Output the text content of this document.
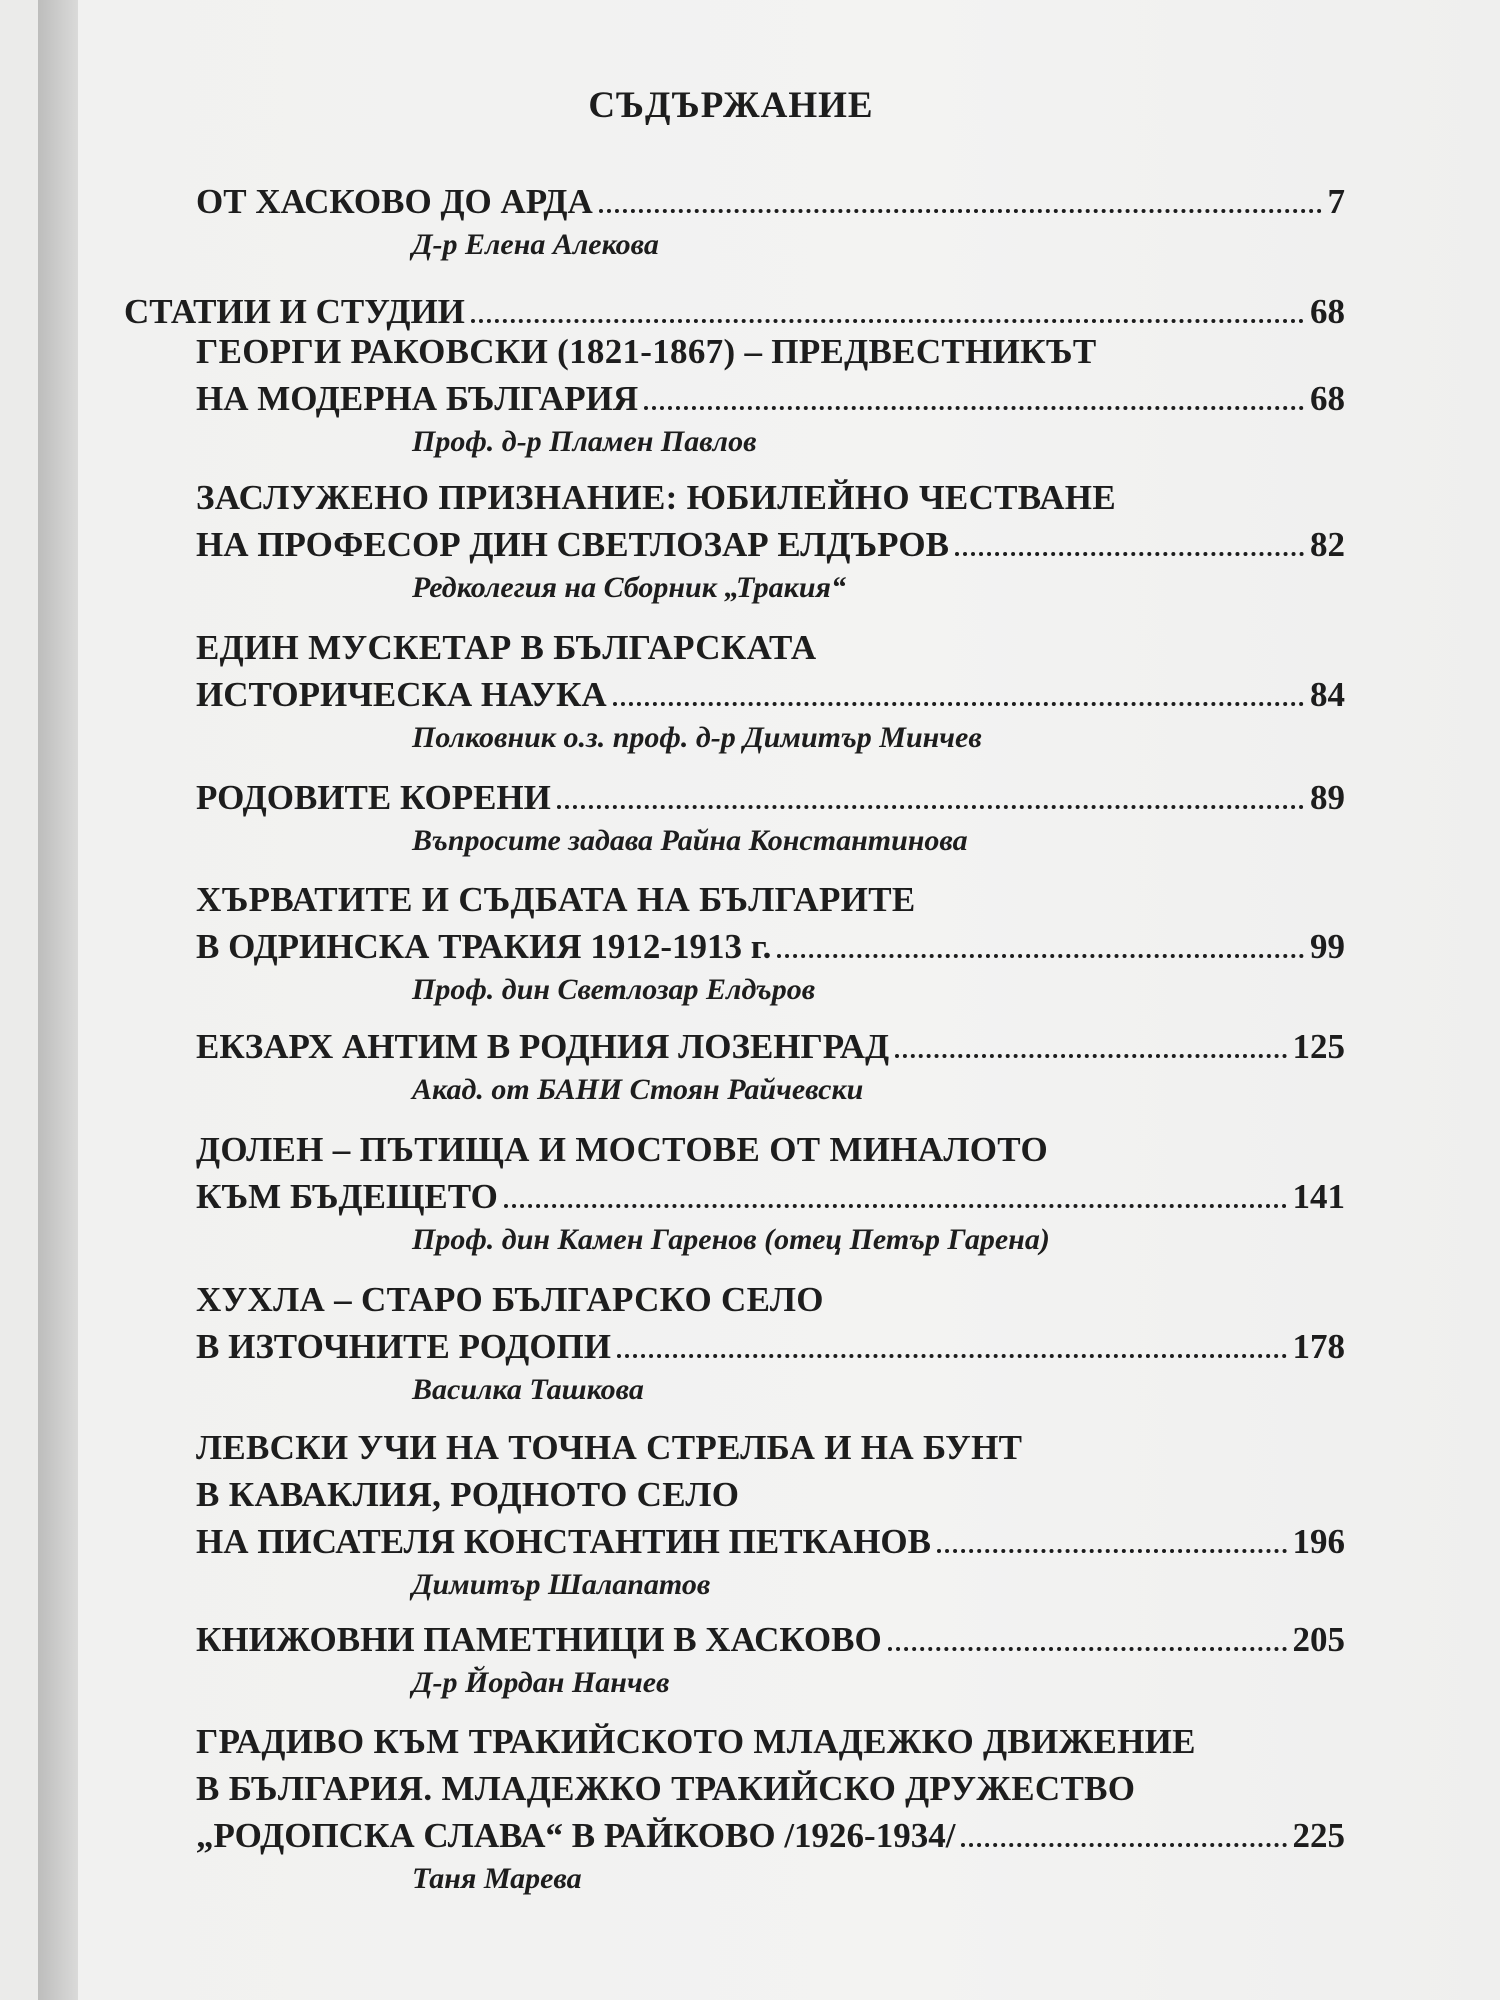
СЪДЪРЖАНИЕ
ОТ ХАСКОВО ДО АРДА	7
Д-р Елена Алекова
СТАТИИ И СТУДИИ	68
ГЕОРГИ РАКОВСКИ (1821-1867) – ПРЕДВЕСТНИКЪТ
НА МОДЕРНА БЪЛГАРИЯ	68
Проф. д-р Пламен Павлов
ЗАСЛУЖЕНО ПРИЗНАНИЕ: ЮБИЛЕЙНО ЧЕСТВАНЕ
НА ПРОФЕСОР ДИН СВЕТЛОЗАР ЕЛДЪРОВ	82
Редколегия на Сборник „Тракия“
ЕДИН МУСКЕТАР В БЪЛГАРСКАТА
ИСТОРИЧЕСКА НАУКА	84
Полковник о.з. проф. д-р Димитър Минчев
РОДОВИТЕ КОРЕНИ	89
Въпросите задава Райна Константинова
ХЪРВАТИТЕ И СЪДБАТА НА БЪЛГАРИТЕ
В ОДРИНСКА ТРАКИЯ 1912-1913 г.	99
Проф. дин Светлозар Елдъров
ЕКЗАРХ АНТИМ В РОДНИЯ ЛОЗЕНГРАД	125
Акад. от БАНИ Стоян Райчевски
ДОЛЕН – ПЪТИЩА И МОСТОВЕ ОТ МИНАЛОТО
КЪМ БЪДЕЩЕТО	141
Проф. дин Камен Гаренов (отец Петър Гарена)
ХУХЛА – СТАРО БЪЛГАРСКО СЕЛО
В ИЗТОЧНИТЕ РОДОПИ	178
Василка Ташкова
ЛЕВСКИ УЧИ НА ТОЧНА СТРЕЛБА И НА БУНТ
В КАВАКЛИЯ, РОДНОТО СЕЛО
НА ПИСАТЕЛЯ КОНСТАНТИН ПЕТКАНОВ	196
Димитър Шалапатов
КНИЖОВНИ ПАМЕТНИЦИ В ХАСКОВО	205
Д-р Йордан Нанчев
ГРАДИВО КЪМ ТРАКИЙСКОТО МЛАДЕЖКО ДВИЖЕНИЕ
В БЪЛГАРИЯ. МЛАДЕЖКО ТРАКИЙСКО ДРУЖЕСТВО
„РОДОПСКА СЛАВА“ В РАЙКОВО /1926-1934/	225
Таня Марева
